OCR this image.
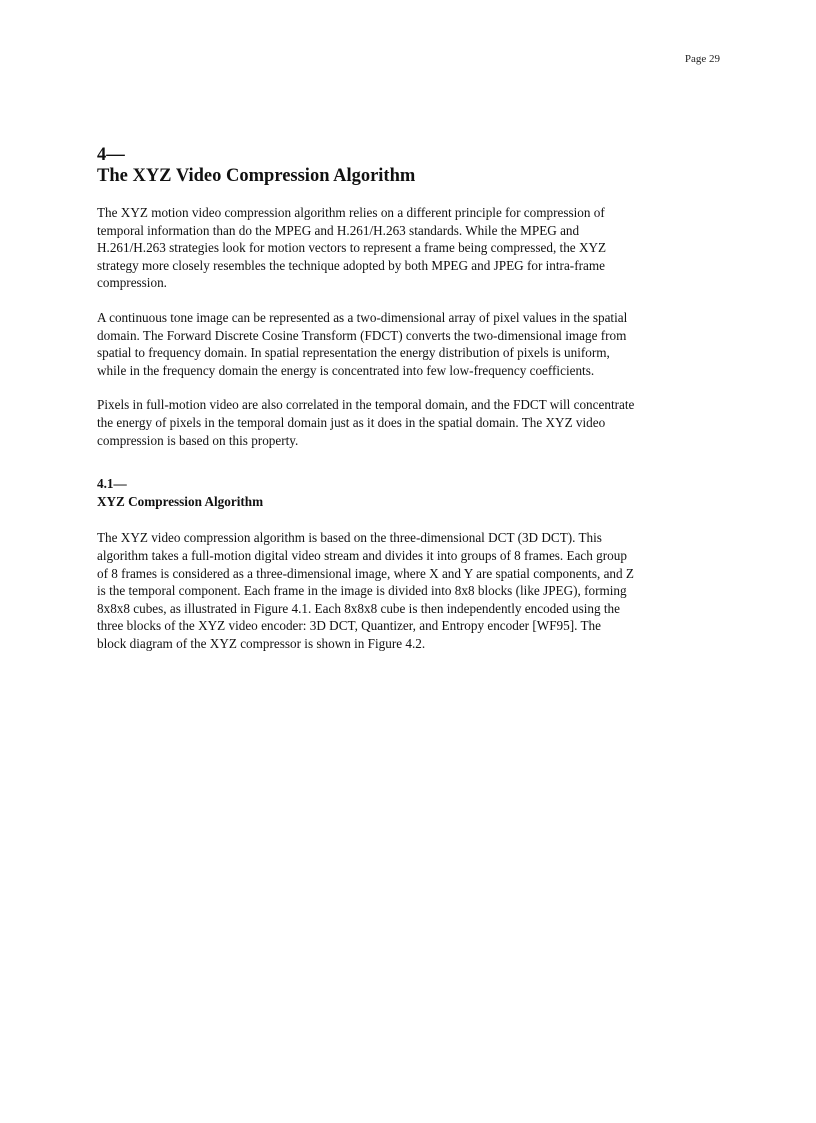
Page 29
4—
The XYZ Video Compression Algorithm

The XYZ motion video compression algorithm relies on a different principle for compression of
temporal information than do the MPEG and H.261/H.263 standards. While the MPEG and
H.261/H.263 strategies look for motion vectors to represent a frame being compressed, the XYZ
strategy more closely resembles the technique adopted by both MPEG and JPEG for intra-frame
compression.

A continuous tone image can be represented as a two-dimensional array of pixel values in the spatial
domain. The Forward Discrete Cosine Transform (FDCT) converts the two-dimensional image from
spatial to frequency domain. In spatial representation the energy distribution of pixels is uniform,
while in the frequency domain the energy is concentrated into few low-frequency coefficients.

Pixels in full-motion video are also correlated in the temporal domain, and the FDCT will concentrate
the energy of pixels in the temporal domain just as it does in the spatial domain. The XYZ video
compression is based on this property.

4.1—
XYZ Compression Algorithm

The XYZ video compression algorithm is based on the three-dimensional DCT (3D DCT). This
algorithm takes a full-motion digital video stream and divides it into groups of 8 frames. Each group
of 8 frames is considered as a three-dimensional image, where X and Y are spatial components, and Z
is the temporal component. Each frame in the image is divided into 8x8 blocks (like JPEG), forming
8x8x8 cubes, as illustrated in Figure 4.1. Each 8x8x8 cube is then independently encoded using the
three blocks of the XYZ video encoder: 3D DCT, Quantizer, and Entropy encoder [WF95]. The
block diagram of the XYZ compressor is shown in Figure 4.2.
